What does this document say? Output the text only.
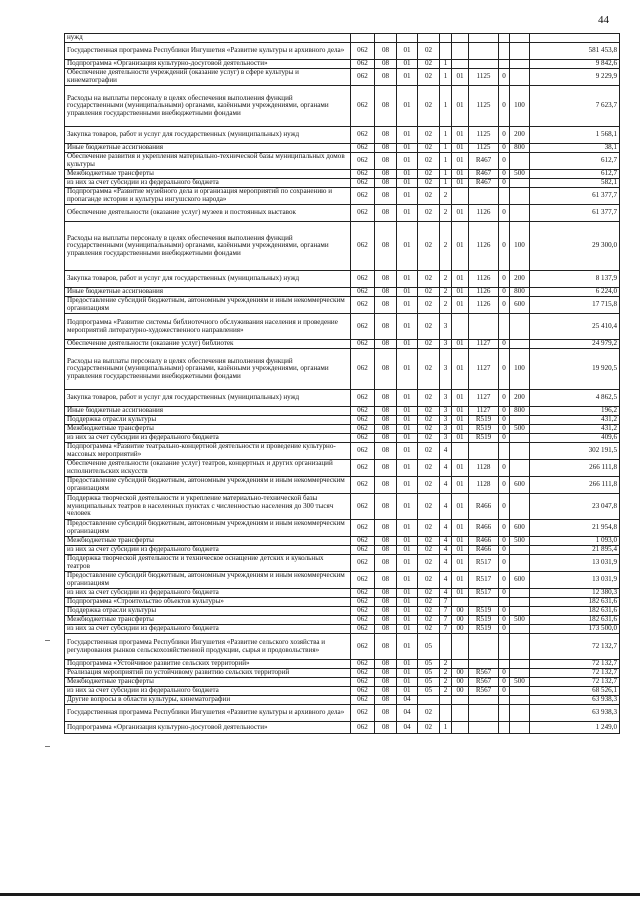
44
нужд										
Государственная программа Республики Ингушетия «Развитие культуры и архивного дела»	062	08	01	02						581 453,8
Подпрограмма «Организация культурно-досуговой деятельности»	062	08	01	02	1					9 842,6
Обеспечение деятельности учреждений (оказание услуг) в сфере культуры и кинематографии	062	08	01	02	1	01	1125	0		9 229,9
Расходы на выплаты персоналу в целях обеспечения выполнения функций государственными (муниципальными) органами, казёнными учреждениями, органами управления государственными внебюджетными фондами	062	08	01	02	1	01	1125	0	100	7 623,7
Закупка товаров, работ и услуг для государственных (муниципальных) нужд	062	08	01	02	1	01	1125	0	200	1 568,1
Иные бюджетные ассигнования	062	08	01	02	1	01	1125	0	800	38,1
Обеспечение развития и укрепления материально-технической базы муниципальных домов культуры	062	08	01	02	1	01	R467	0		612,7
Межбюджетные трансферты	062	08	01	02	1	01	R467	0	500	612,7
из них за счет субсидии из федерального бюджета	062	08	01	02	1	01	R467	0		582,1
Подпрограмма «Развитие музейного дела и организация мероприятий по сохранению и пропаганде истории и культуры ингушского народа»	062	08	01	02	2					61 377,7
Обеспечение деятельности (оказание услуг) музеев и постоянных выставок	062	08	01	02	2	01	1126	0		61 377,7
Расходы на выплаты персоналу в целях обеспечения выполнения функций государственными (муниципальными) органами, казёнными учреждениями, органами управления государственными внебюджетными фондами	062	08	01	02	2	01	1126	0	100	29 300,0
Закупка товаров, работ и услуг для государственных (муниципальных) нужд	062	08	01	02	2	01	1126	0	200	8 137,9
Иные бюджетные ассигнования	062	08	01	02	2	01	1126	0	800	6 224,0
Предоставление субсидий бюджетным, автономным учреждениям и иным некоммерческим организациям	062	08	01	02	2	01	1126	0	600	17 715,8
Подпрограмма «Развитие системы библиотечного обслуживания населения и проведение мероприятий литературно-художественного направления»	062	08	01	02	3					25 410,4
Обеспечение деятельности (оказание услуг) библиотек	062	08	01	02	3	01	1127	0		24 979,2
Расходы на выплаты персоналу в целях обеспечения выполнения функций государственными (муниципальными) органами, казёнными учреждениями, органами управления государственными внебюджетными фондами	062	08	01	02	3	01	1127	0	100	19 920,5
Закупка товаров, работ и услуг для государственных (муниципальных) нужд	062	08	01	02	3	01	1127	0	200	4 862,5
Иные бюджетные ассигнования	062	08	01	02	3	01	1127	0	800	196,2
Поддержка отрасли культуры	062	08	01	02	3	01	R519	0		431,2
Межбюджетные трансферты	062	08	01	02	3	01	R519	0	500	431,2
из них за счет субсидии из федерального бюджета	062	08	01	02	3	01	R519	0		409,6
Подпрограмма «Развитие театрально-концертной деятельности и проведение культурно-массовых мероприятий»	062	08	01	02	4					302 191,5
Обеспечение деятельности (оказание услуг) театров, концертных и других организаций исполнительских искусств	062	08	01	02	4	01	1128	0		266 111,8
Предоставление субсидий бюджетным, автономным учреждениям и иным некоммерческим организациям	062	08	01	02	4	01	1128	0	600	266 111,8
Поддержка творческой деятельности и укрепление материально-технической базы муниципальных театров в населенных пунктах с численностью населения до 300 тысяч человек	062	08	01	02	4	01	R466	0		23 047,8
Предоставление субсидий бюджетным, автономным учреждениям и иным некоммерческим организациям	062	08	01	02	4	01	R466	0	600	21 954,8
Межбюджетные трансферты	062	08	01	02	4	01	R466	0	500	1 093,0
из них за счет субсидии из федерального бюджета	062	08	01	02	4	01	R466	0		21 895,4
Поддержка творческой деятельности и техническое оснащение детских и кукольных театров	062	08	01	02	4	01	R517	0		13 031,9
Предоставление субсидий бюджетным, автономным учреждениям и иным некоммерческим организациям	062	08	01	02	4	01	R517	0	600	13 031,9
из них за счет субсидии из федерального бюджета	062	08	01	02	4	01	R517	0		12 380,3
Подпрограмма «Строительство объектов культуры»	062	08	01	02	7					182 631,6
Поддержка отрасли культуры	062	08	01	02	7	00	R519	0		182 631,6
Межбюджетные трансферты	062	08	01	02	7	00	R519	0	500	182 631,6
из них за счет субсидии из федерального бюджета	062	08	01	02	7	00	R519	0		173 500,0
Государственная программа Республики Ингушетия «Развитие сельского хозяйства и регулирования рынков сельскохозяйственной продукции, сырья и продовольствия»	062	08	01	05						72 132,7
Подпрограмма «Устойчивое развитие сельских территорий»	062	08	01	05	2					72 132,7
Реализация мероприятий по устойчивому развитию сельских территорий	062	08	01	05	2	00	R567	0		72 132,7
Межбюджетные трансферты	062	08	01	05	2	00	R567	0	500	72 132,7
из них за счет субсидии из федерального бюджета	062	08	01	05	2	00	R567	0		68 526,1
Другие вопросы в области культуры, кинематографии	062	08	04							63 938,3
Государственная программа Республики Ингушетия «Развитие культуры и архивного дела»	062	08	04	02						63 938,3
Подпрограмма «Организация культурно-досуговой деятельности»	062	08	04	02	1					1 249,0
